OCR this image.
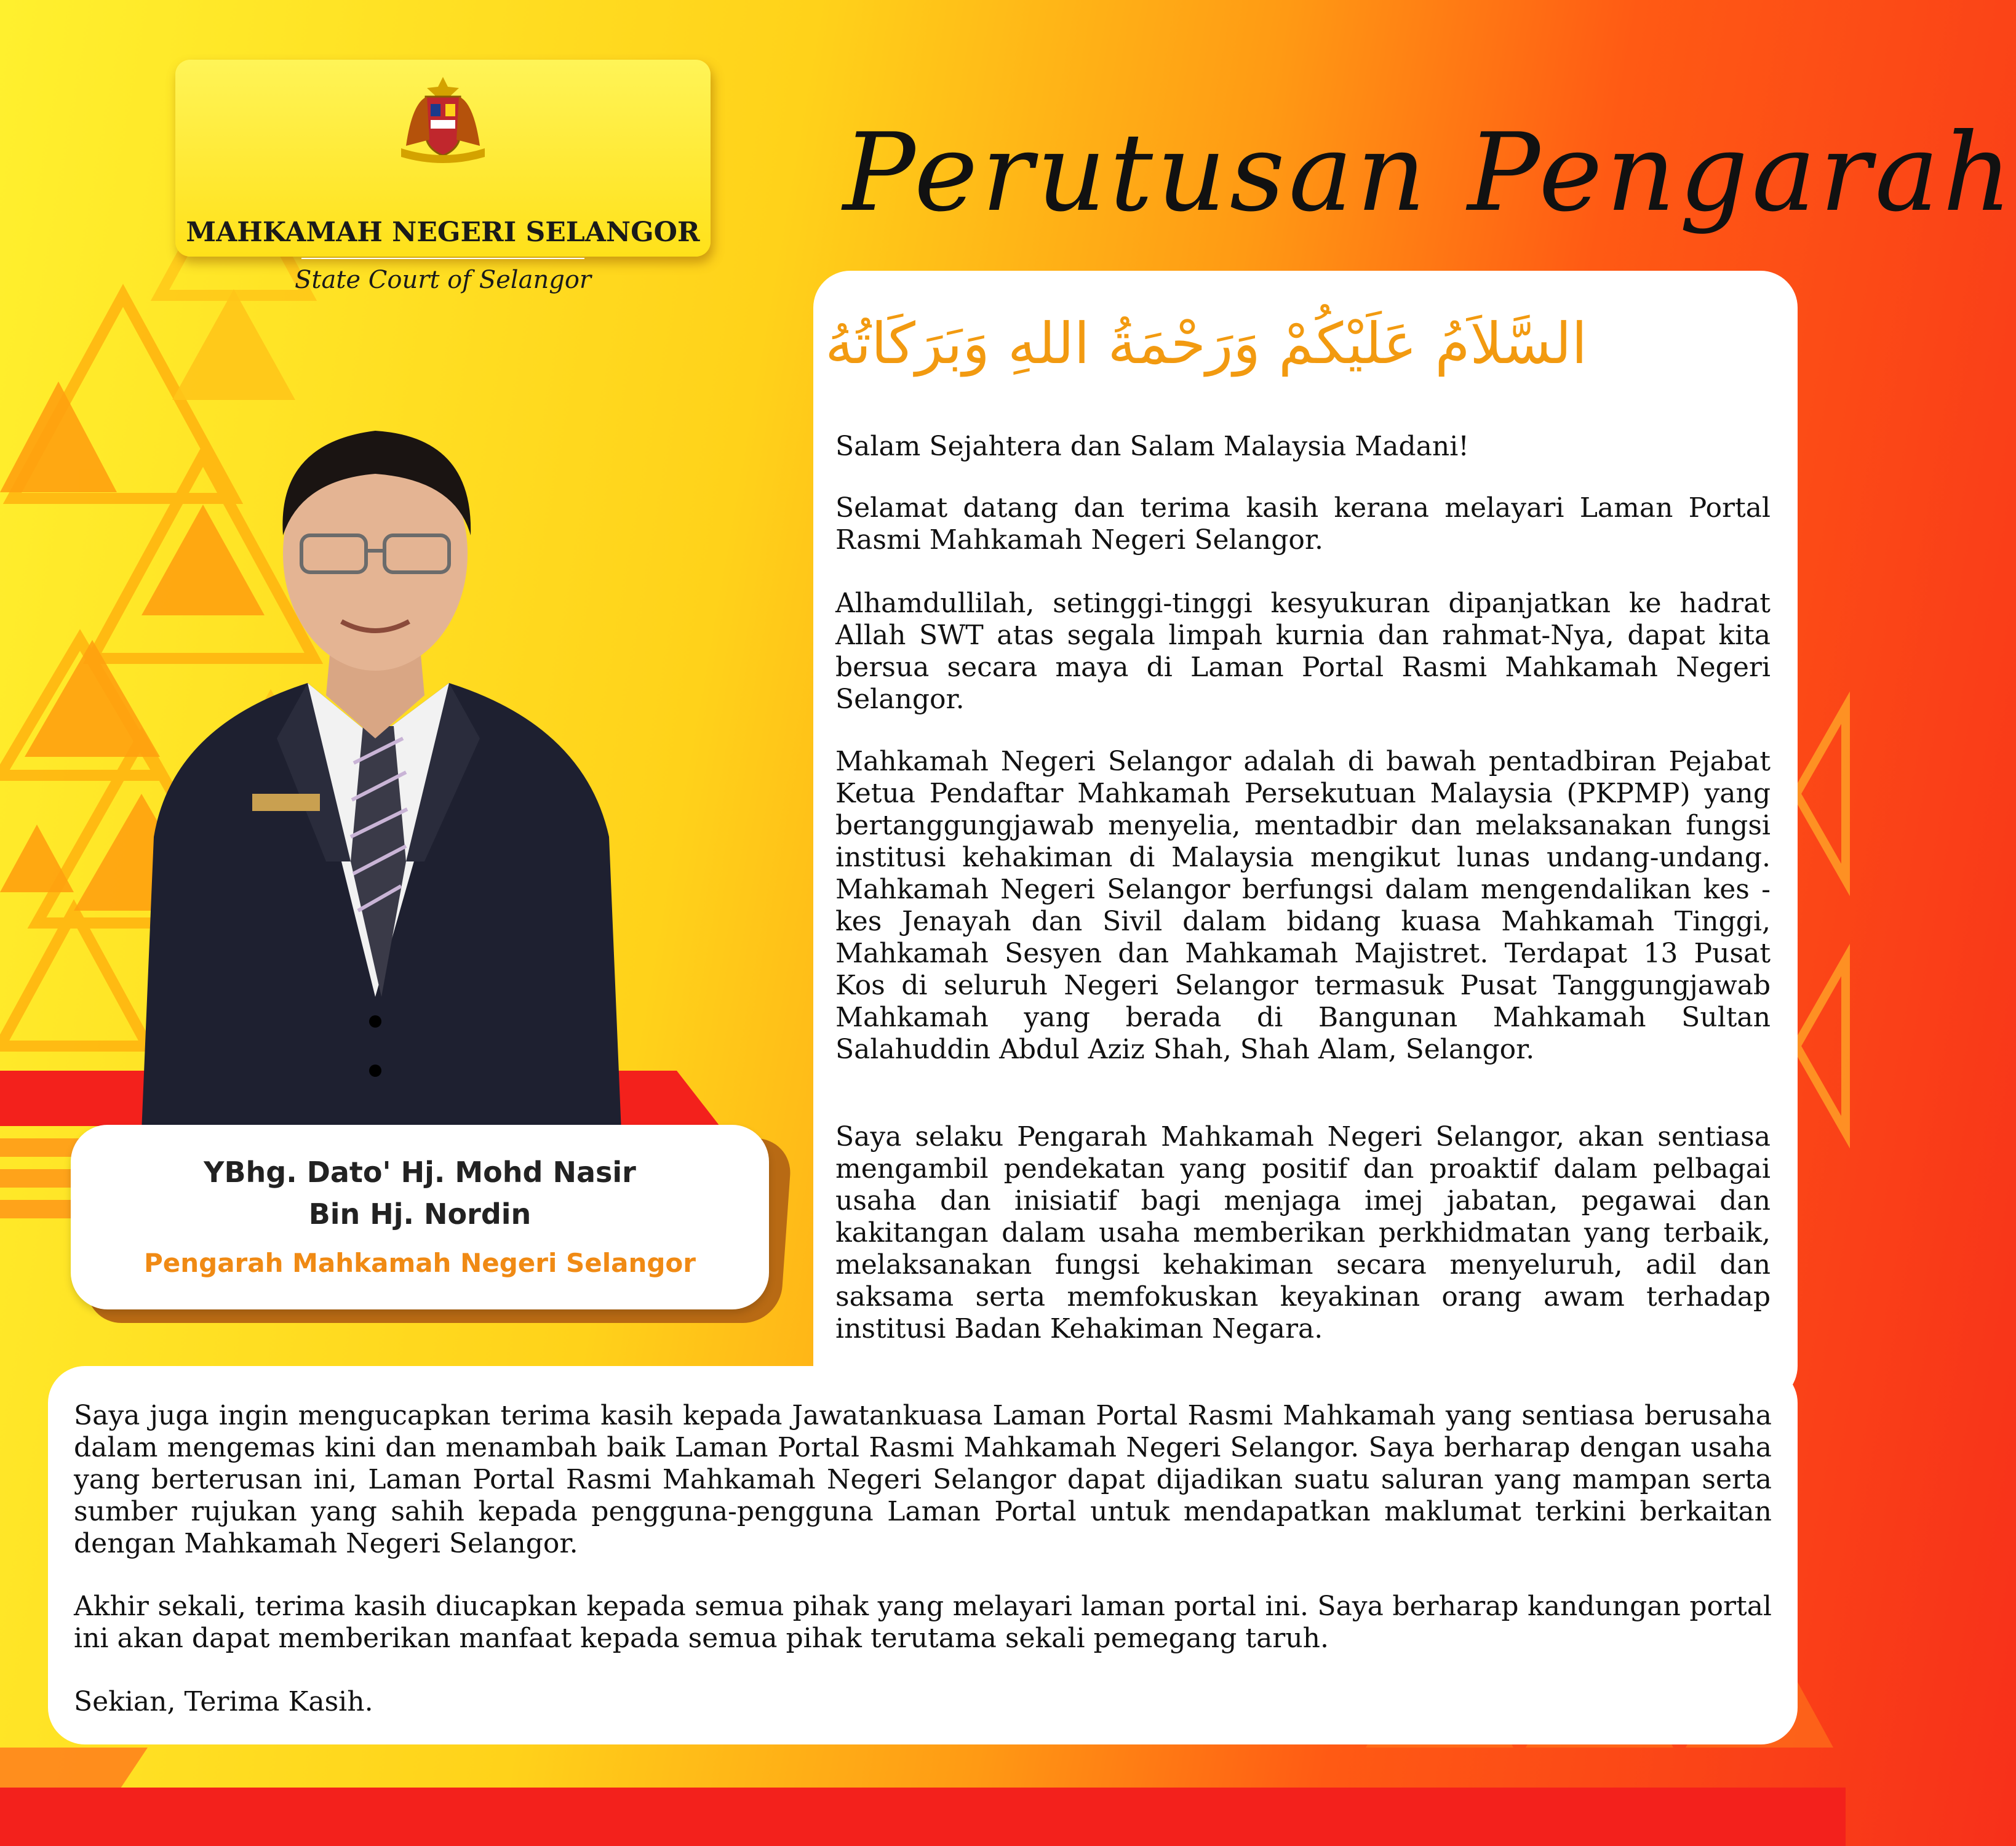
MAHKAMAH NEGERI SELANGOR
State Court of Selangor
Perutusan Pengarah
YBhg. Dato' Hj. Mohd Nasir
Bin Hj. Nordin
Pengarah Mahkamah Negeri Selangor
السَّلاَمُ عَلَيْكُمْ وَرَحْمَةُ اللهِ وَبَرَكَاتُهُ

Salam Sejahtera dan Salam Malaysia Madani!

Selamat datang dan terima kasih kerana melayari Laman Portal Rasmi Mahkamah Negeri Selangor.

Alhamdullilah, setinggi-tinggi kesyukuran dipanjatkan ke hadrat Allah SWT atas segala limpah kurnia dan rahmat-Nya, dapat kita bersua secara maya di Laman Portal Rasmi Mahkamah Negeri Selangor.

Mahkamah Negeri Selangor adalah di bawah pentadbiran Pejabat Ketua Pendaftar Mahkamah Persekutuan Malaysia (PKPMP) yang bertanggungjawab menyelia, mentadbir dan melaksanakan fungsi institusi kehakiman di Malaysia mengikut lunas undang-undang. Mahkamah Negeri Selangor berfungsi dalam mengendalikan kes - kes Jenayah dan Sivil dalam bidang kuasa Mahkamah Tinggi, Mahkamah Sesyen dan Mahkamah Majistret. Terdapat 13 Pusat Kos di seluruh Negeri Selangor termasuk Pusat Tanggungjawab Mahkamah yang berada di Bangunan Mahkamah Sultan Salahuddin Abdul Aziz Shah, Shah Alam, Selangor.

Saya selaku Pengarah Mahkamah Negeri Selangor, akan sentiasa mengambil pendekatan yang positif dan proaktif dalam pelbagai usaha dan inisiatif bagi menjaga imej jabatan, pegawai dan kakitangan dalam usaha memberikan perkhidmatan yang terbaik, melaksanakan fungsi kehakiman secara menyeluruh, adil dan saksama serta memfokuskan keyakinan orang awam terhadap institusi Badan Kehakiman Negara.

Saya juga ingin mengucapkan terima kasih kepada Jawatankuasa Laman Portal Rasmi Mahkamah yang sentiasa berusaha dalam mengemas kini dan menambah baik Laman Portal Rasmi Mahkamah Negeri Selangor. Saya berharap dengan usaha yang berterusan ini, Laman Portal Rasmi Mahkamah Negeri Selangor dapat dijadikan suatu saluran yang mampan serta sumber rujukan yang sahih kepada pengguna-pengguna Laman Portal untuk mendapatkan maklumat terkini berkaitan dengan Mahkamah Negeri Selangor.

Akhir sekali, terima kasih diucapkan kepada semua pihak yang melayari laman portal ini. Saya berharap kandungan portal ini akan dapat memberikan manfaat kepada semua pihak terutama sekali pemegang taruh.

Sekian, Terima Kasih.
